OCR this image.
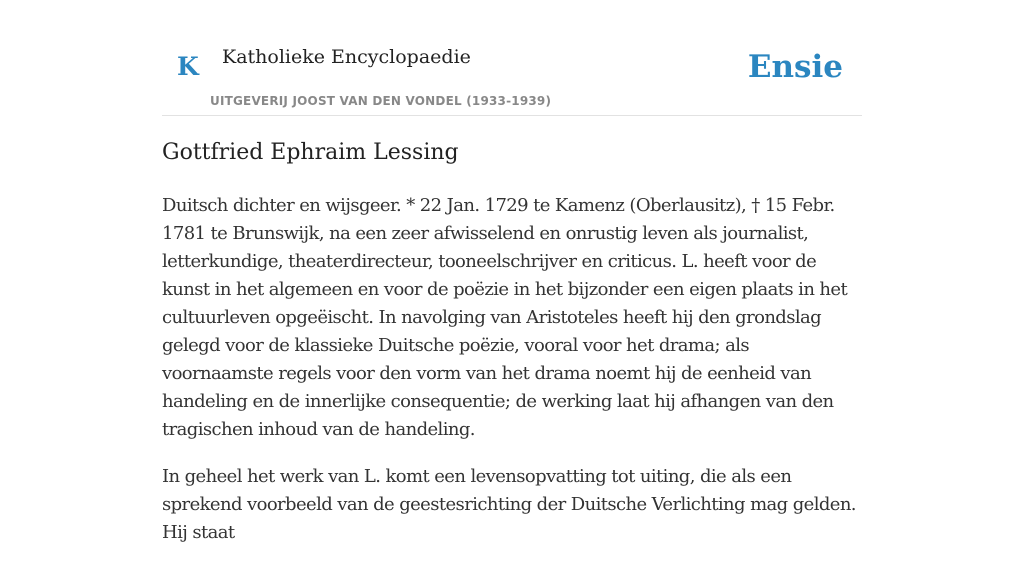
K Katholieke Encyclopaedie
UITGEVERIJ JOOST VAN DEN VONDEL (1933-1939)
Ensie
Gottfried Ephraim Lessing

Duitsch dichter en wijsgeer. * 22 Jan. 1729 te Kamenz (Oberlausitz), † 15 Febr. 1781 te Brunswijk, na een zeer afwisselend en onrustig leven als journalist, letterkundige, theaterdirecteur, tooneelschrijver en criticus. L. heeft voor de kunst in het algemeen en voor de poëzie in het bijzonder een eigen plaats in het cultuurleven opgeëischt. In navolging van Aristoteles heeft hij den grondslag gelegd voor de klassieke Duitsche poëzie, vooral voor het drama; als voornaamste regels voor den vorm van het drama noemt hij de eenheid van handeling en de innerlijke consequentie; de werking laat hij afhangen van den tragischen inhoud van de handeling.

In geheel het werk van L. komt een levensopvatting tot uiting, die als een sprekend voorbeeld van de geestesrichting der Duitsche Verlichting mag gelden. Hij staat
